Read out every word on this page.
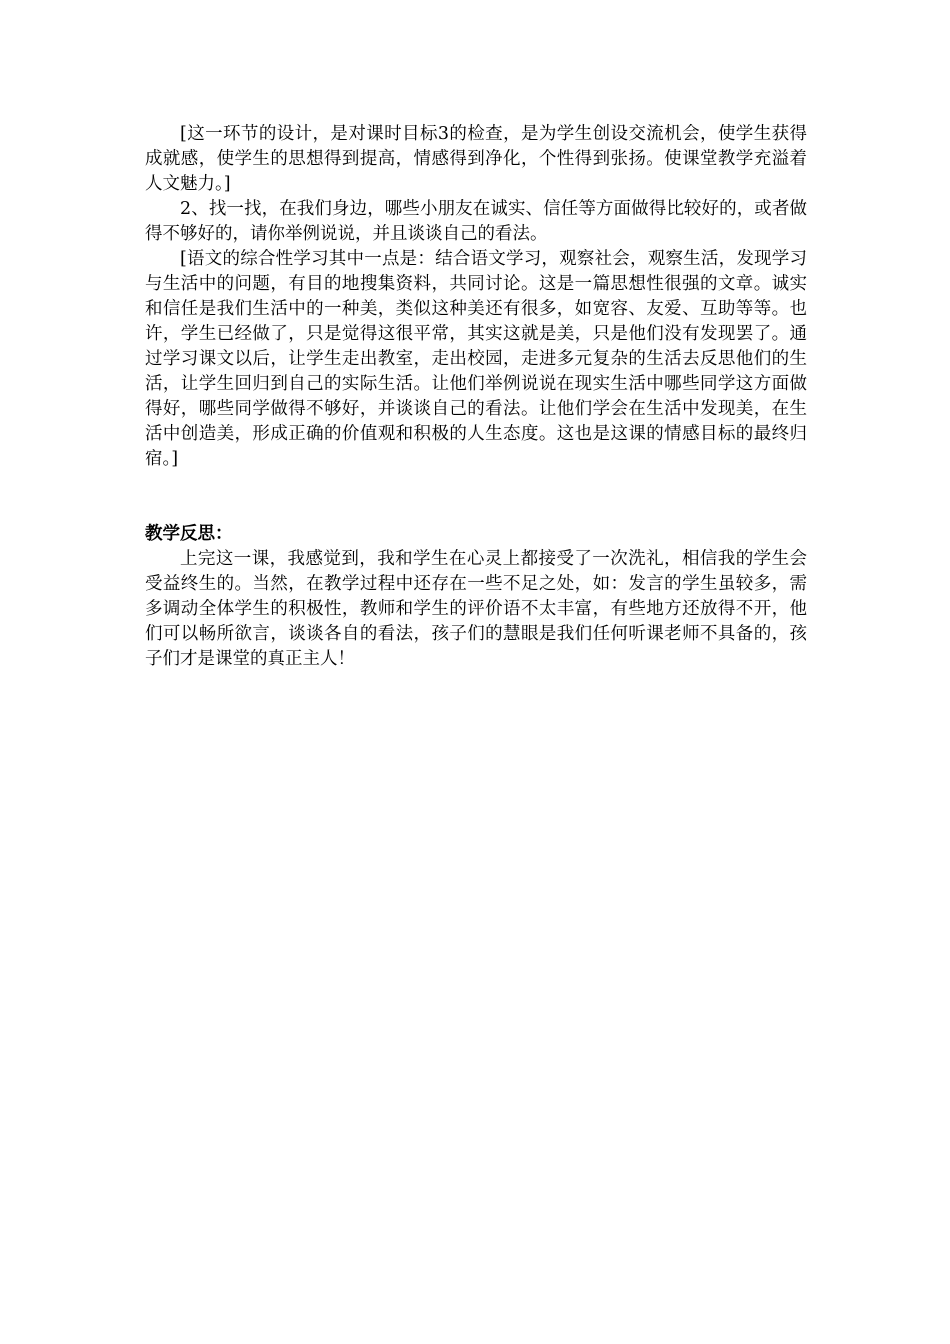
[这一环节的设计，是对课时目标3的检查，是为学生创设交流机会，使学生获得成就感，使学生的思想得到提高，情感得到净化，个性得到张扬。使课堂教学充溢着人文魅力。]

2、找一找，在我们身边，哪些小朋友在诚实、信任等方面做得比较好的，或者做得不够好的，请你举例说说，并且谈谈自己的看法。

[语文的综合性学习其中一点是：结合语文学习，观察社会，观察生活，发现学习与生活中的问题，有目的地搜集资料，共同讨论。这是一篇思想性很强的文章。诚实和信任是我们生活中的一种美，类似这种美还有很多，如宽容、友爱、互助等等。也许，学生已经做了，只是觉得这很平常，其实这就是美，只是他们没有发现罢了。通过学习课文以后，让学生走出教室，走出校园，走进多元复杂的生活去反思他们的生活，让学生回归到自己的实际生活。让他们举例说说在现实生活中哪些同学这方面做得好，哪些同学做得不够好，并谈谈自己的看法。让他们学会在生活中发现美，在生活中创造美，形成正确的价值观和积极的人生态度。这也是这课的情感目标的最终归宿。]

教学反思：

上完这一课，我感觉到，我和学生在心灵上都接受了一次洗礼，相信我的学生会受益终生的。当然，在教学过程中还存在一些不足之处，如：发言的学生虽较多，需多调动全体学生的积极性，教师和学生的评价语不太丰富，有些地方还放得不开，他们可以畅所欲言，谈谈各自的看法，孩子们的慧眼是我们任何听课老师不具备的，孩子们才是课堂的真正主人！
